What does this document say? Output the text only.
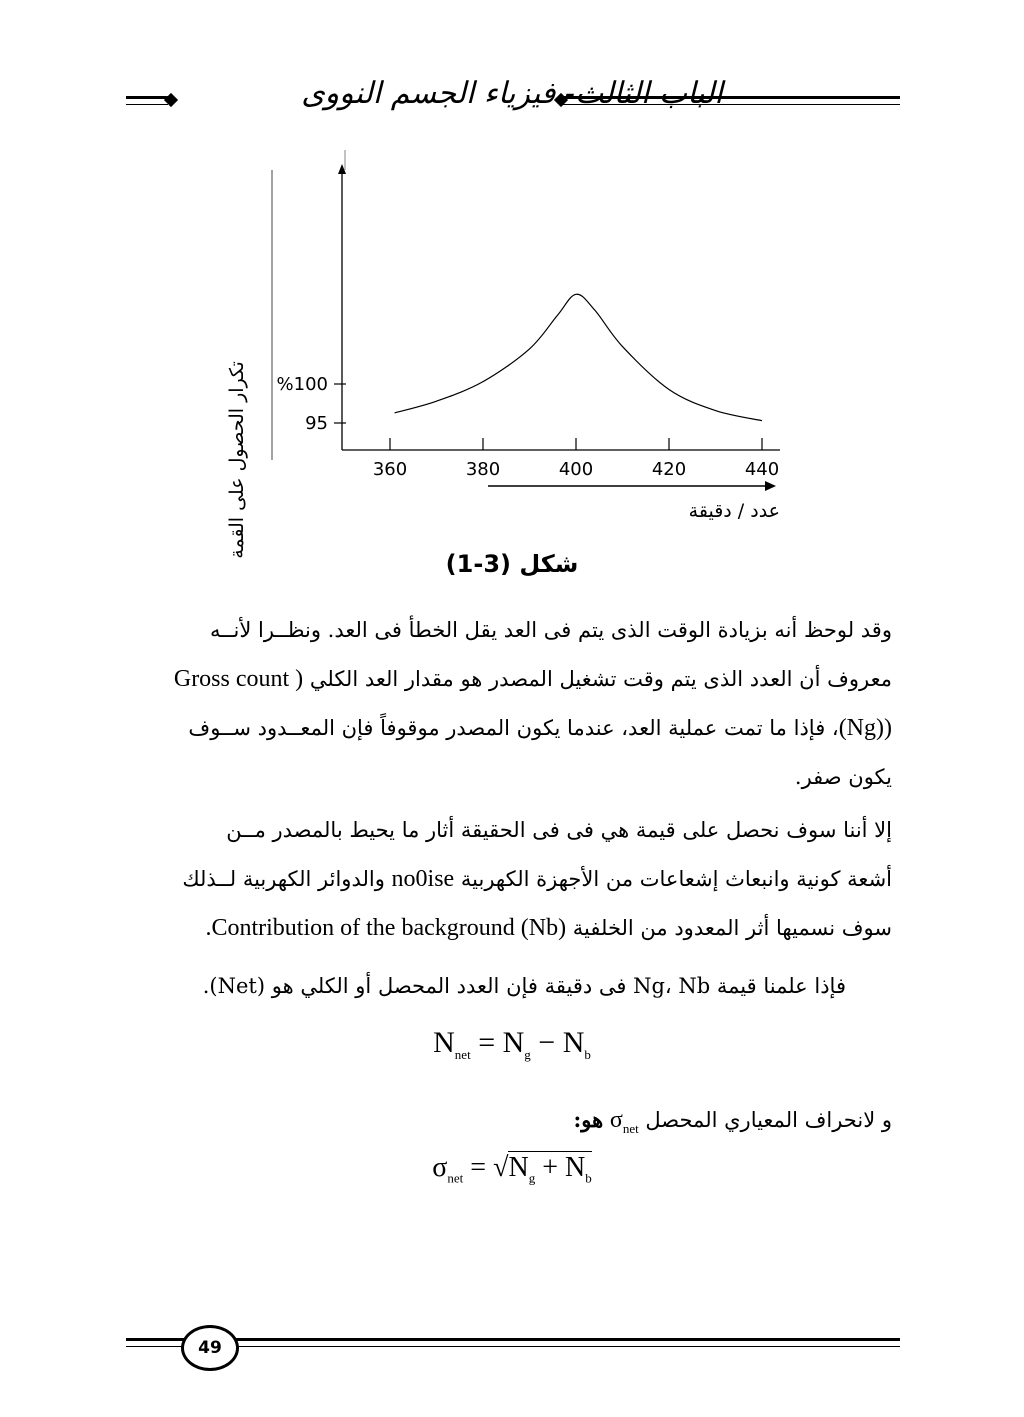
الباب الثالث- فيزياء الجسم النووى
360	380	400	420	440
95
%100
تكرار الحصول على القمة	عدد / دقيقة
شكل (3-1)
وقد لوحظ أنه بزيادة الوقت الذى يتم فى العد يقل الخطأ فى العد. ونظــرا لأنــه
معروف أن العدد الذى يتم وقت تشغيل المصدر هو مقدار العد الكلي Gross count )
(Ng))، فإذا ما تمت عملية العد، عندما يكون المصدر موقوفاً فإن المعــدود ســوف
يكون صفر.
إلا أننا سوف نحصل على قيمة هي فى فى الحقيقة أثار ما يحيط بالمصدر مــن
أشعة كونية وانبعاث إشعاعات من الأجهزة الكهربية no0ise والدوائر الكهربية لــذلك
سوف نسميها أثر المعدود من الخلفية (Nb) Contribution of the background.
فإذا علمنا قيمة Ng، Nb فى دقيقة فإن العدد المحصل أو الكلي هو (Net).
$N_{net} = N_g - N_b$
و لانحراف المعياري المحصل $\sigma_{net}$ هو:
$\sigma_{net} = √N_g + N_b$
49
